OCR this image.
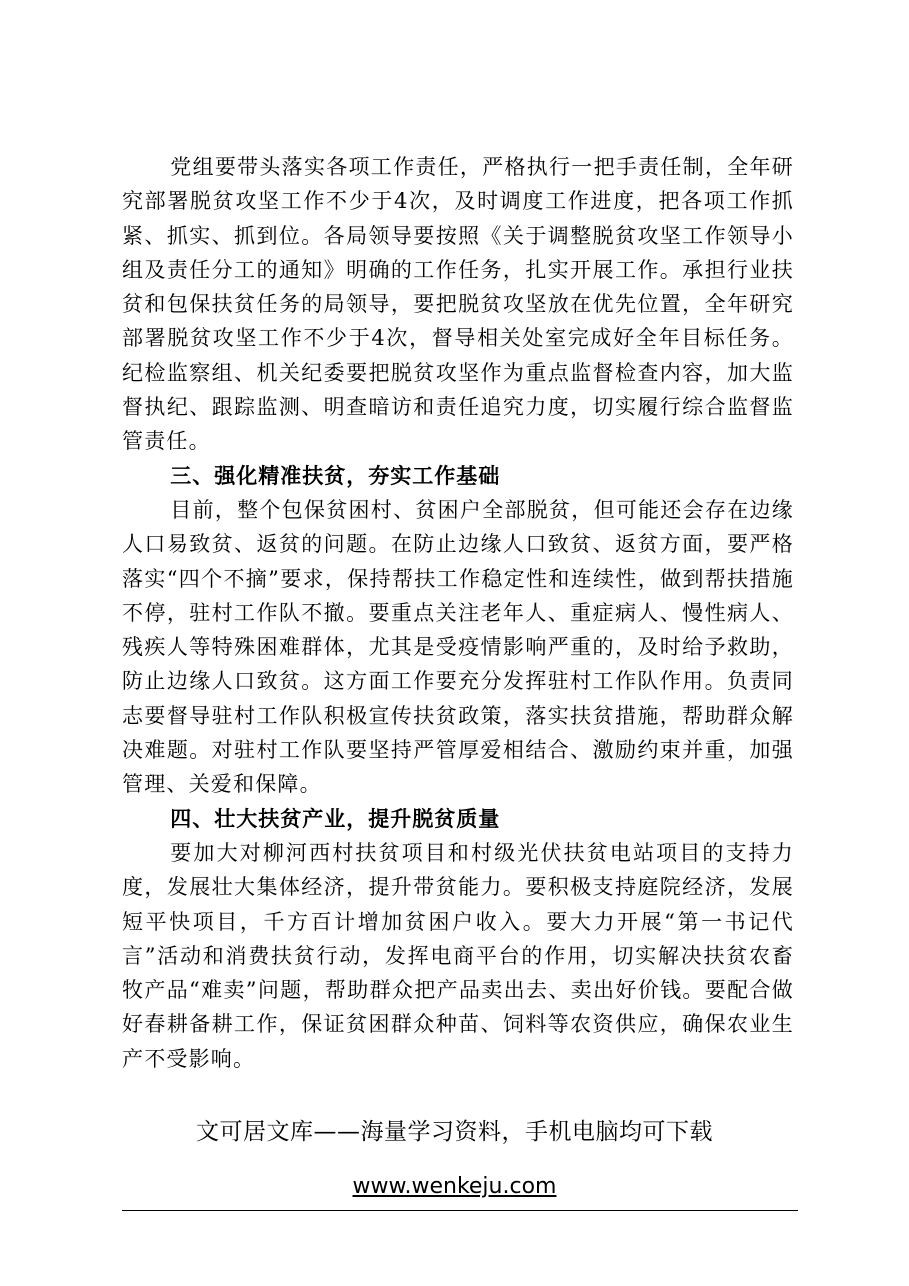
党组要带头落实各项工作责任，严格执行一把手责任制，全年研究部署脱贫攻坚工作不少于4次，及时调度工作进度，把各项工作抓紧、抓实、抓到位。各局领导要按照《关于调整脱贫攻坚工作领导小组及责任分工的通知》明确的工作任务，扎实开展工作。承担行业扶贫和包保扶贫任务的局领导，要把脱贫攻坚放在优先位置，全年研究部署脱贫攻坚工作不少于4次，督导相关处室完成好全年目标任务。纪检监察组、机关纪委要把脱贫攻坚作为重点监督检查内容，加大监督执纪、跟踪监测、明查暗访和责任追究力度，切实履行综合监督监管责任。

三、强化精准扶贫，夯实工作基础

目前，整个包保贫困村、贫困户全部脱贫，但可能还会存在边缘人口易致贫、返贫的问题。在防止边缘人口致贫、返贫方面，要严格落实“四个不摘”要求，保持帮扶工作稳定性和连续性，做到帮扶措施不停，驻村工作队不撤。要重点关注老年人、重症病人、慢性病人、残疾人等特殊困难群体，尤其是受疫情影响严重的，及时给予救助，防止边缘人口致贫。这方面工作要充分发挥驻村工作队作用。负责同志要督导驻村工作队积极宣传扶贫政策，落实扶贫措施，帮助群众解决难题。对驻村工作队要坚持严管厚爱相结合、激励约束并重，加强管理、关爱和保障。

四、壮大扶贫产业，提升脱贫质量

要加大对柳河西村扶贫项目和村级光伏扶贫电站项目的支持力度，发展壮大集体经济，提升带贫能力。要积极支持庭院经济，发展短平快项目，千方百计增加贫困户收入。要大力开展“第一书记代言”活动和消费扶贫行动，发挥电商平台的作用，切实解决扶贫农畜牧产品“难卖”问题，帮助群众把产品卖出去、卖出好价钱。要配合做好春耕备耕工作，保证贫困群众种苗、饲料等农资供应，确保农业生产不受影响。

文可居文库——海量学习资料，手机电脑均可下载
www.wenkeju.com
